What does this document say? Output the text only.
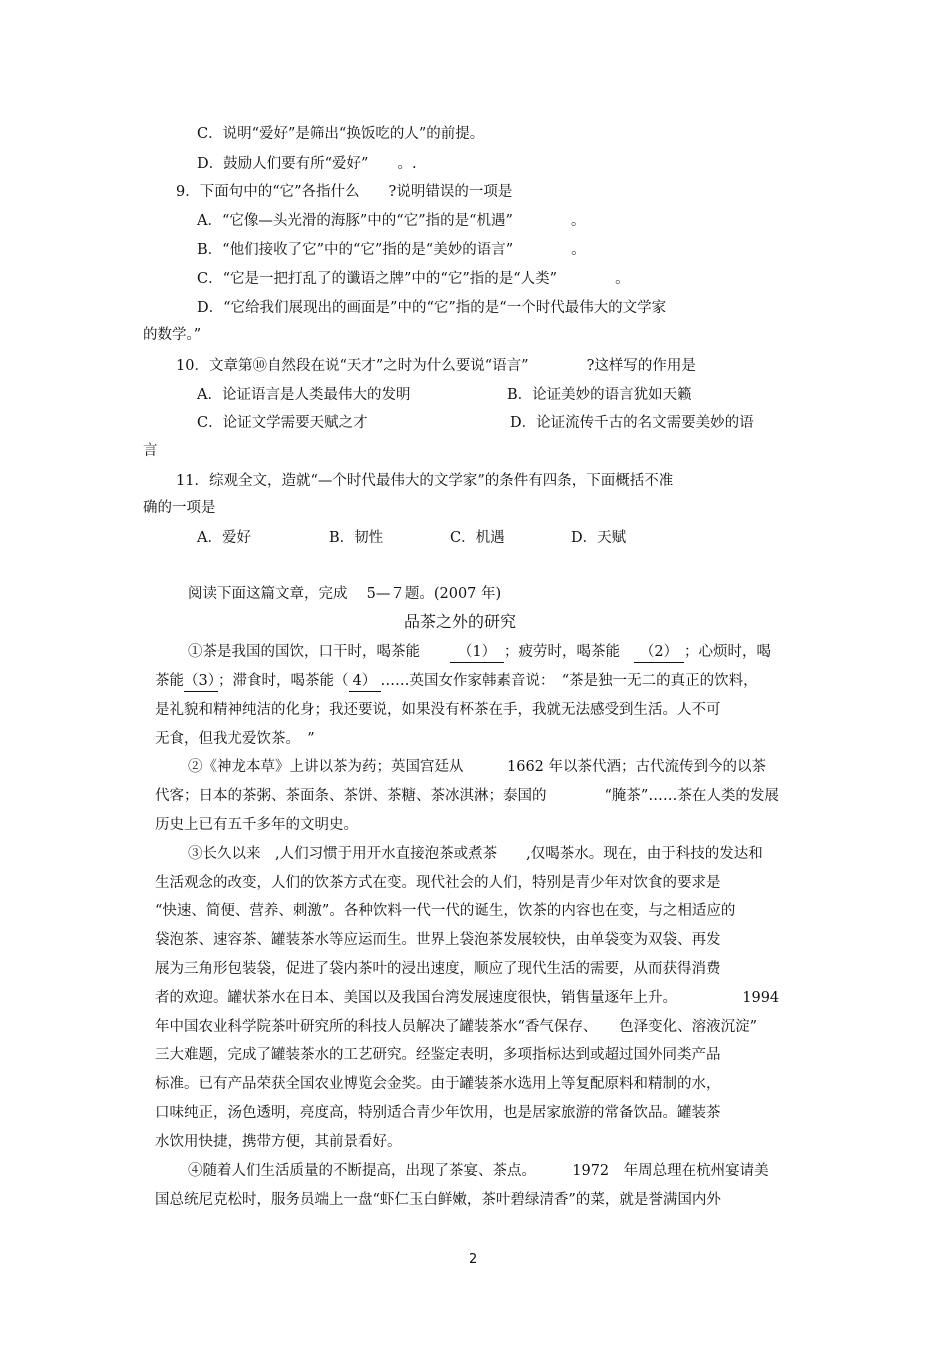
C．说明“爱好”是筛出“换饭吃的人”的前提。
D．鼓励人们要有所“爱好”　　。.
9．下面句中的“它”各指什么　　?说明错误的一项是
A．“它像—头光滑的海豚”中的“它”指的是“机遇”　　　　。
B．“他们接收了它”中的“它”指的是“美妙的语言”　　　　。
C．“它是一把打乱了的谶语之牌”中的“它”指的是“人类”　　　　。
D．“它给我们展现出的画面是”中的“它”指的是“一个时代最伟大的文学家
的数学。”
10．文章第⑩自然段在说“天才”之时为什么要说“语言”　　　　?这样写的作用是
A．论证语言是人类最伟大的发明	B．论证美妙的语言犹如天籁
C．论证文学需要天赋之才	D．论证流传千古的名文需要美妙的语
言
11．综观全文，造就“—个时代最伟大的文学家”的条件有四条，下面概括不准
确的一项是
A．爱好	B．韧性	C．机遇	D．天赋
阅读下面这篇文章，完成　 5—７题。(2007 年)
品茶之外的研究
①茶是我国的国饮，口干时，喝茶能	（1） ；疲劳时，喝茶能 （2） ；心烦时，喝
茶能（3）；滞食时，喝茶能（ 4） ……英国女作家韩素音说：　“茶是独一无二的真正的饮料，
是礼貌和精神纯洁的化身；我还要说，如果没有杯茶在手，我就无法感受到生活。人不可
无食，但我尤爱饮茶。　”
②《神龙本草》上讲以茶为药；英国宫廷从　　　1662 年以茶代酒；古代流传到今的以茶
代客；日本的茶粥、茶面条、茶饼、茶糖、茶冰淇淋；泰国的　　　　“腌茶”……茶在人类的发展
历史上已有五千多年的文明史。
③长久以来　,人们习惯于用开水直接泡茶或煮茶　　,仅喝茶水。现在，由于科技的发达和
生活观念的改变，人们的饮茶方式在变。现代社会的人们，特别是青少年对饮食的要求是
“快速、简便、营养、刺激”。各种饮料一代一代的诞生，饮茶的内容也在变，与之相适应的
袋泡茶、速容茶、罐装茶水等应运而生。世界上袋泡茶发展较快，由单袋变为双袋、再发
展为三角形包装袋，促进了袋内茶叶的浸出速度，顺应了现代生活的需要，从而获得消费
者的欢迎。罐状茶水在日本、美国以及我国台湾发展速度很快，销售量逐年上升。　　　　　1994
年中国农业科学院茶叶研究所的科技人员解决了罐装茶水“香气保存、　　色泽变化、溶液沉淀”
三大难题，完成了罐装茶水的工艺研究。经鉴定表明，多项指标达到或超过国外同类产品
标准。已有产品荣获全国农业博览会金奖。由于罐装茶水选用上等复配原料和精制的水，
口味纯正，汤色透明，亮度高，特别适合青少年饮用，也是居家旅游的常备饮品。罐装茶
水饮用快捷，携带方便，其前景看好。
④随着人们生活质量的不断提高，出现了茶宴、茶点。　　　1972　年周总理在杭州宴请美
国总统尼克松时，服务员端上一盘“虾仁玉白鲜嫩，茶叶碧绿清香”的菜，就是誉满国内外
2
